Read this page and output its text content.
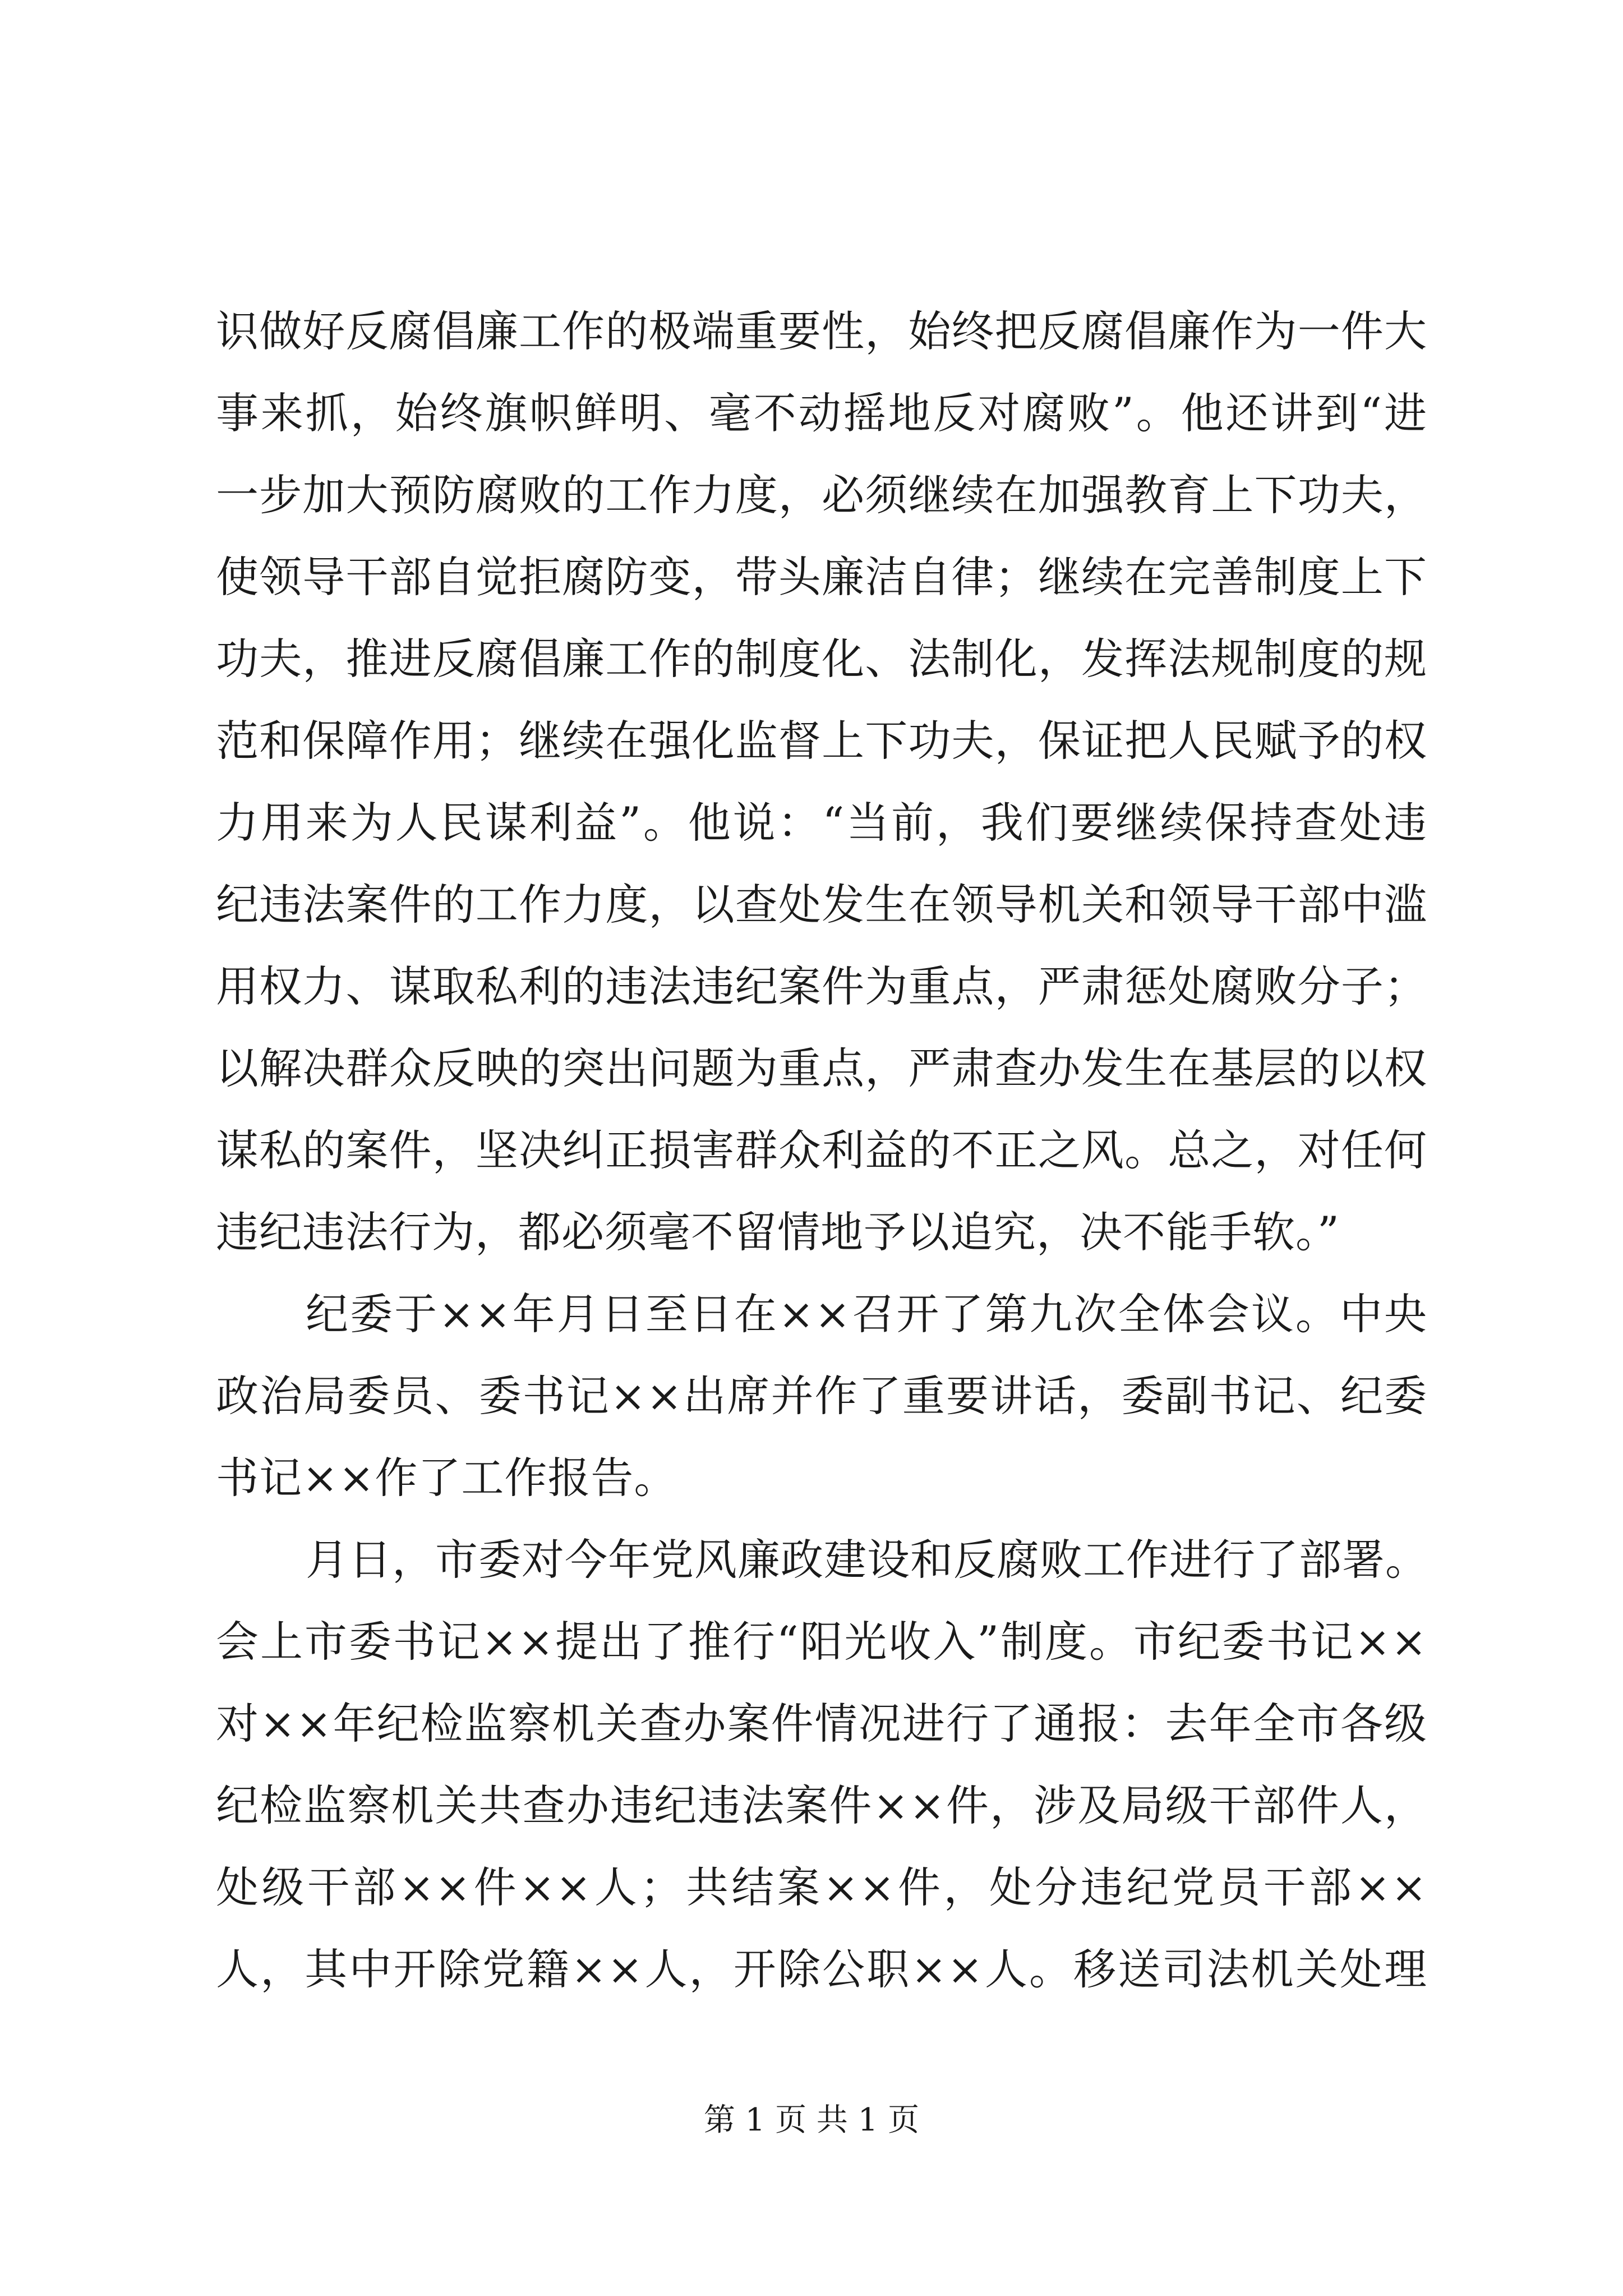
识做好反腐倡廉工作的极端重要性，始终把反腐倡廉作为一件大
事来抓，始终旗帜鲜明、毫不动摇地反对腐败”。他还讲到“进
一步加大预防腐败的工作力度，必须继续在加强教育上下功夫，
使领导干部自觉拒腐防变，带头廉洁自律；继续在完善制度上下
功夫，推进反腐倡廉工作的制度化、法制化，发挥法规制度的规
范和保障作用；继续在强化监督上下功夫，保证把人民赋予的权
力用来为人民谋利益”。他说：“当前，我们要继续保持查处违
纪违法案件的工作力度，以查处发生在领导机关和领导干部中滥
用权力、谋取私利的违法违纪案件为重点，严肃惩处腐败分子；
以解决群众反映的突出问题为重点，严肃查办发生在基层的以权
谋私的案件，坚决纠正损害群众利益的不正之风。总之，对任何
违纪违法行为，都必须毫不留情地予以追究，决不能手软。”
纪委于××年月日至日在××召开了第九次全体会议。中央
政治局委员、委书记××出席并作了重要讲话，委副书记、纪委
书记××作了工作报告。
月日，市委对今年党风廉政建设和反腐败工作进行了部署。
会上市委书记××提出了推行“阳光收入”制度。市纪委书记××
对××年纪检监察机关查办案件情况进行了通报：去年全市各级
纪检监察机关共查办违纪违法案件××件，涉及局级干部件人，
处级干部××件××人；共结案××件，处分违纪党员干部××
人，其中开除党籍××人，开除公职××人。移送司法机关处理
第 1 页 共 1 页
